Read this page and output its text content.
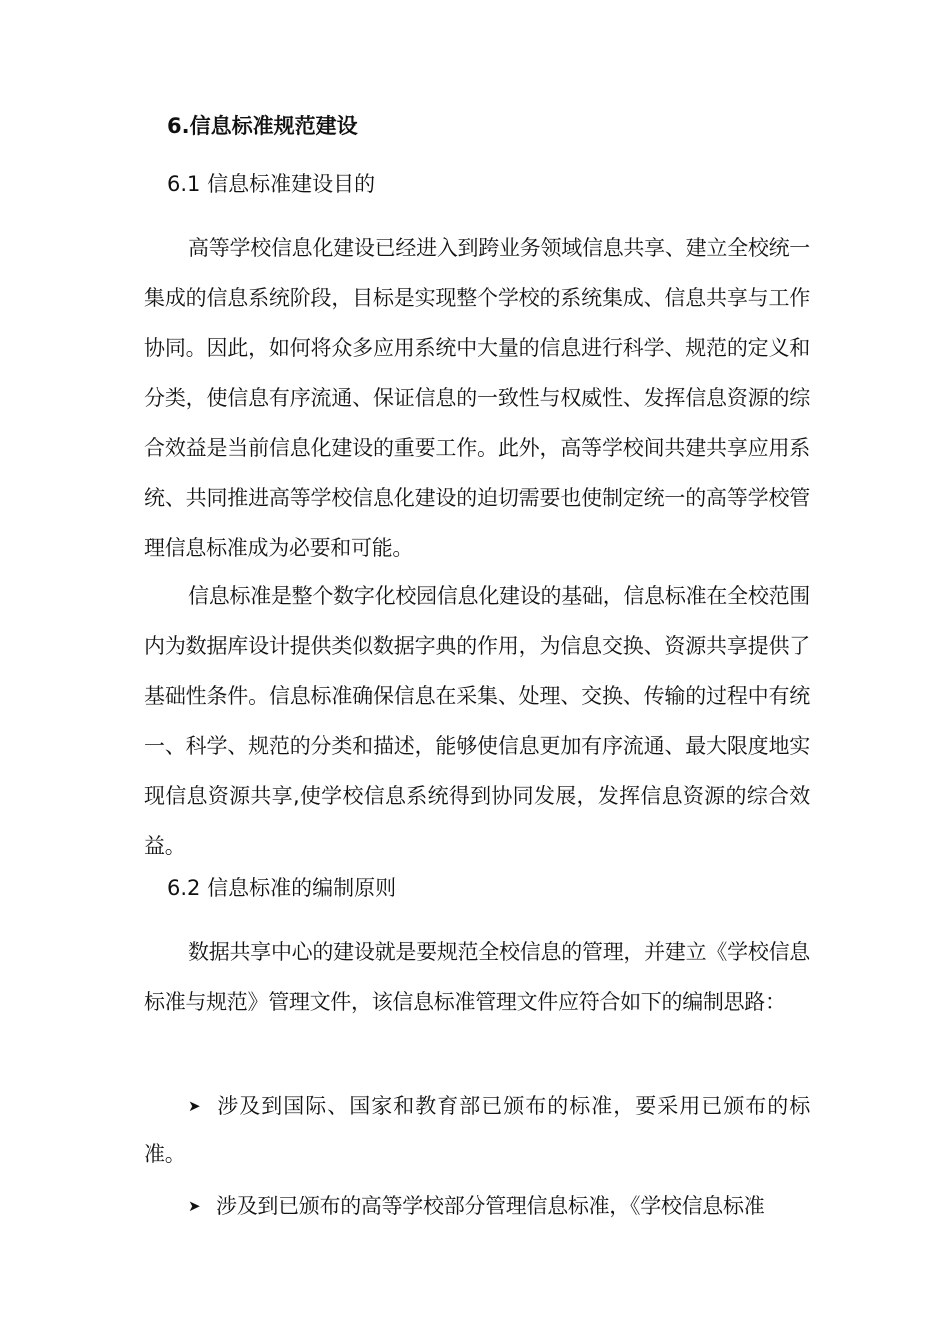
6.信息标准规范建设
6.1 信息标准建设目的
高等学校信息化建设已经进入到跨业务领域信息共享、建立全校统一集成的信息系统阶段，目标是实现整个学校的系统集成、信息共享与工作协同。因此，如何将众多应用系统中大量的信息进行科学、规范的定义和分类，使信息有序流通、保证信息的一致性与权威性、发挥信息资源的综合效益是当前信息化建设的重要工作。此外，高等学校间共建共享应用系统、共同推进高等学校信息化建设的迫切需要也使制定统一的高等学校管理信息标准成为必要和可能。
信息标准是整个数字化校园信息化建设的基础，信息标准在全校范围内为数据库设计提供类似数据字典的作用，为信息交换、资源共享提供了基础性条件。信息标准确保信息在采集、处理、交换、传输的过程中有统一、科学、规范的分类和描述，能够使信息更加有序流通、最大限度地实现信息资源共享,使学校信息系统得到协同发展，发挥信息资源的综合效益。
6.2 信息标准的编制原则
数据共享中心的建设就是要规范全校信息的管理，并建立《学校信息标准与规范》管理文件，该信息标准管理文件应符合如下的编制思路：
➤ 涉及到国际、国家和教育部已颁布的标准，要采用已颁布的标准。
➤ 涉及到已颁布的高等学校部分管理信息标准，《学校信息标准
